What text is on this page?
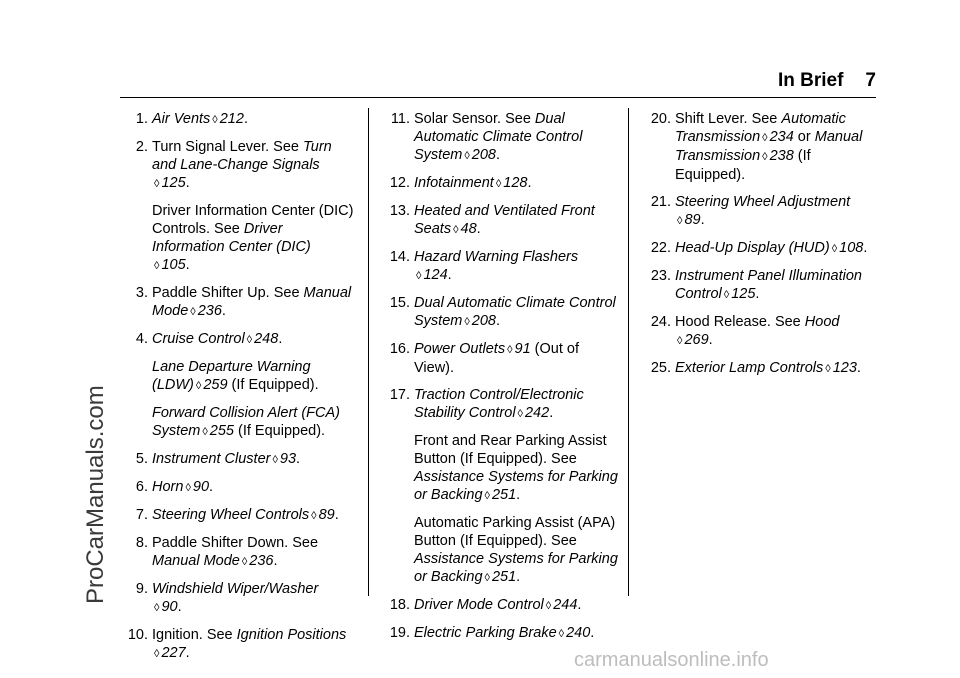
In Brief 7
ProCarManuals.com
1. Air Vents ◊ 212.
2. Turn Signal Lever. See Turn and Lane-Change Signals
◊ 125.
Driver Information Center (DIC) Controls. See Driver Information Center (DIC)
◊ 105.
3. Paddle Shifter Up. See Manual Mode ◊ 236.
4. Cruise Control ◊ 248.
Lane Departure Warning (LDW) ◊ 259 (If Equipped).
Forward Collision Alert (FCA) System ◊ 255 (If Equipped).
5. Instrument Cluster ◊ 93.
6. Horn ◊ 90.
7. Steering Wheel Controls ◊ 89.
8. Paddle Shifter Down. See Manual Mode ◊ 236.
9. Windshield Wiper/Washer
◊ 90.
10. Ignition. See Ignition Positions
◊ 227.
11. Solar Sensor. See Dual Automatic Climate Control System ◊ 208.
12. Infotainment ◊ 128.
13. Heated and Ventilated Front Seats ◊ 48.
14. Hazard Warning Flashers
◊ 124.
15. Dual Automatic Climate Control System ◊ 208.
16. Power Outlets ◊ 91 (Out of View).
17. Traction Control/Electronic Stability Control ◊ 242.
Front and Rear Parking Assist Button (If Equipped). See Assistance Systems for Parking or Backing ◊ 251.
Automatic Parking Assist (APA) Button (If Equipped). See Assistance Systems for Parking or Backing ◊ 251.
18. Driver Mode Control ◊ 244.
19. Electric Parking Brake ◊ 240.
20. Shift Lever. See Automatic Transmission ◊ 234 or Manual Transmission ◊ 238 (If Equipped).
21. Steering Wheel Adjustment
◊ 89.
22. Head-Up Display (HUD) ◊ 108.
23. Instrument Panel Illumination Control ◊ 125.
24. Hood Release. See Hood
◊ 269.
25. Exterior Lamp Controls ◊ 123.
carmanualsonline.info
